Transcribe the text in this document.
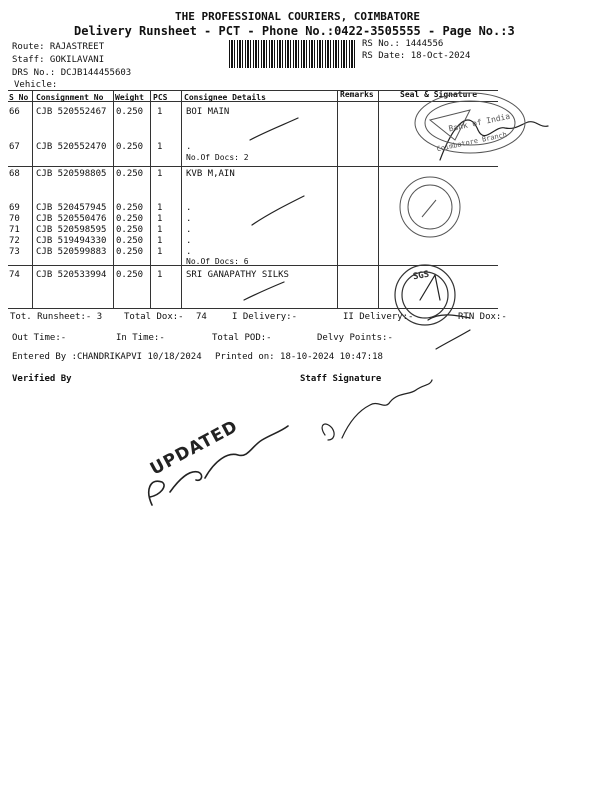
THE PROFESSIONAL COURIERS, COIMBATORE
Delivery Runsheet - PCT - Phone No.:0422-3505555 - Page No.:3
Route: RAJASTREET
Staff: GOKILAVANI
DRS No.: DCJB144455603
Vehicle:
RS No.: 1444556
RS Date: 18-Oct-2024
S No Consignment No Weight PCS Consignee Details	Remarks	Seal & Signature
66 CJB 520552467 0.250 1	BOI MAIN
67 CJB 520552470 0.250 1	.
No.Of Docs: 2
68 CJB 520598805 0.250 1	KVB M,AIN
69 CJB 520457945 0.250 1	.
70 CJB 520550476 0.250 1	.
71 CJB 520598595 0.250 1	.
72 CJB 519494330 0.250 1	.
73 CJB 520599883 0.250 1	.
No.Of Docs: 6
74 CJB 520533994 0.250 1	SRI GANAPATHY SILKS
Tot. Runsheet:- 3 Total Dox:- 74	I Delivery:-	II Delivery:-	RTN Dox:-
Out Time:-	In Time:-	Total POD:-	Delvy Points:-
Entered By :CHANDRIKAPVI 10/18/2024 Printed on: 18-10-2024 10:47:18
Verified By	Staff Signature
Bank of India
Coimbatore Branch
SGS
UPDATED
